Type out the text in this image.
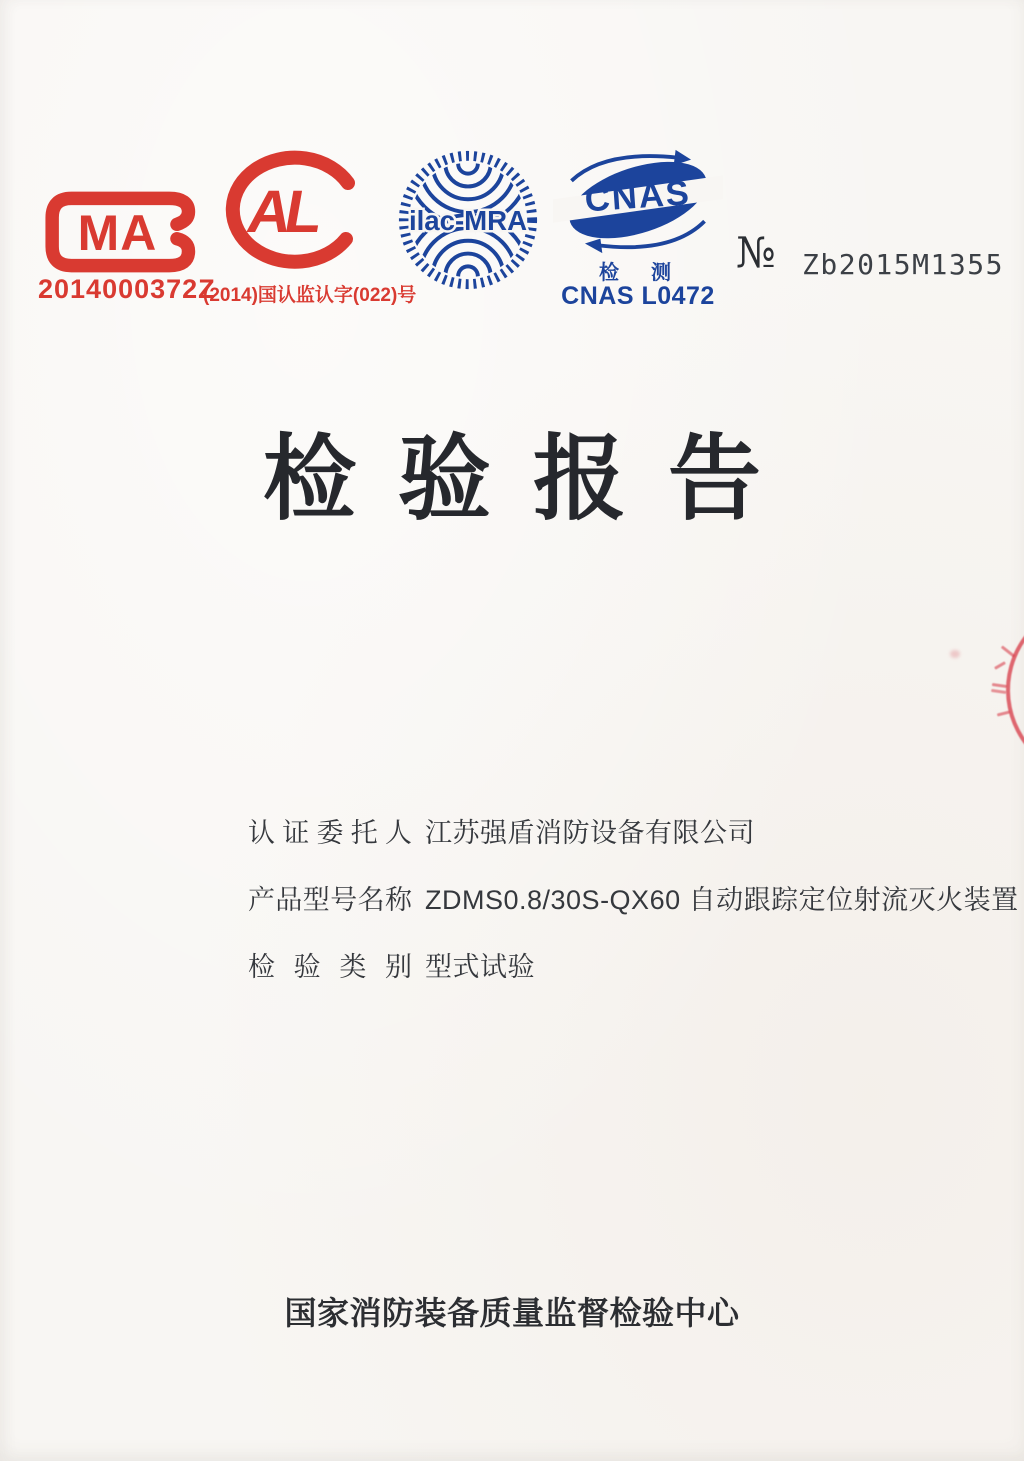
MA
2014000372Z
AL
(2014)国认监认字(022)号
ilac-MRA
CNAS
检　测
CNAS L0472
№ Zb2015M1355
检验报告
认证委托人 江苏强盾消防设备有限公司
产品型号名称 ZDMS0.8/30S-QX60 自动跟踪定位射流灭火装置
检 验 类 别 型式试验
国家消防装备质量监督检验中心
